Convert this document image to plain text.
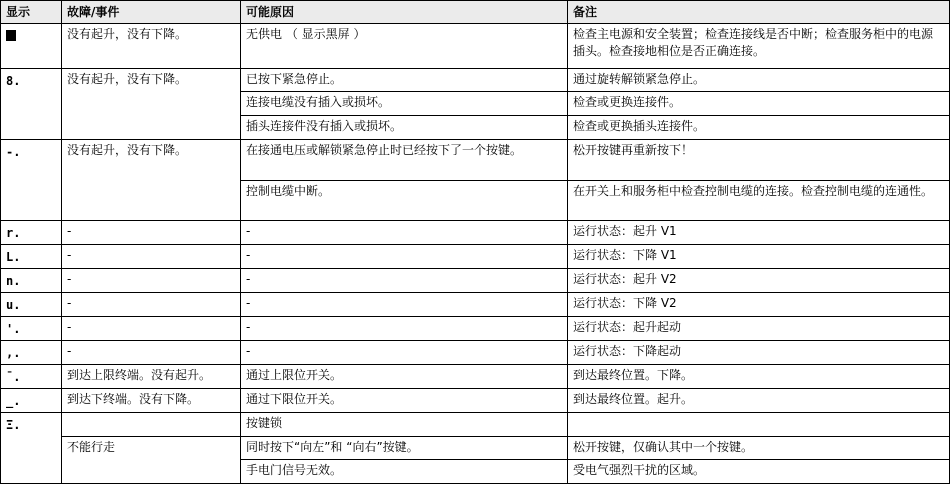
显示	故障/事件	可能原因	备注
	没有起升，没有下降。	无供电 （ 显示黑屏 ）	检查主电源和安全装置；检查连接线是否中断；检查服务柜中的电源插头。检查接地相位是否正确连接。
8.	没有起升，没有下降。	已按下紧急停止。	通过旋转解锁紧急停止。
		连接电缆没有插入或损坏。	检查或更换连接件。
		插头连接件没有插入或损坏。	检查或更换插头连接件。
-.	没有起升，没有下降。	在接通电压或解锁紧急停止时已经按下了一个按键。	松开按键再重新按下！
		控制电缆中断。	在开关上和服务柜中检查控制电缆的连接。检查控制电缆的连通性。
r.	-	-	运行状态：起升 V1
L.	-	-	运行状态：下降 V1
n.	-	-	运行状态：起升 V2
u.	-	-	运行状态：下降 V2
'.	-	-	运行状态：起升起动
,.	-	-	运行状态：下降起动
¯.	到达上限终端。没有起升。	通过上限位开关。	到达最终位置。下降。
_.	到达下终端。没有下降。	通过下限位开关。	到达最终位置。起升。
Ξ.		按键锁	
	不能行走	同时按下“向左”和 “向右”按键。	松开按键，仅确认其中一个按键。
		手电门信号无效。	受电气强烈干扰的区域。
